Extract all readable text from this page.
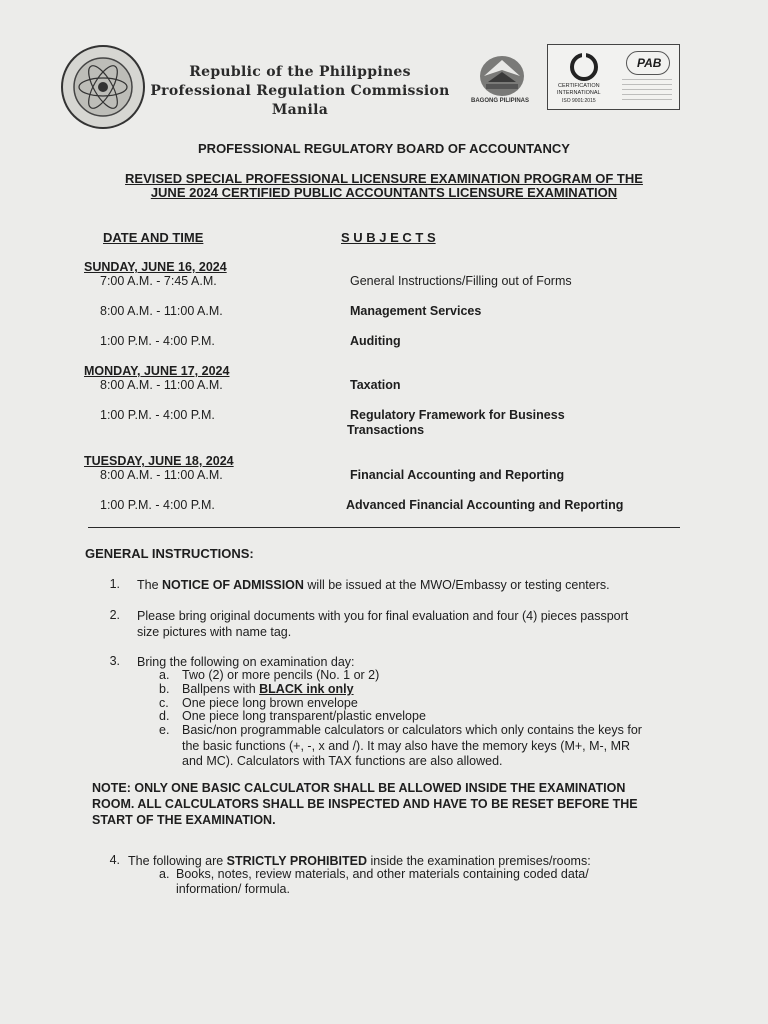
Republic of the Philippines
Professional Regulation Commission
Manila
BAGONG PILIPINAS
CERTIFICATION
INTERNATIONAL
ISO 9001:2015
PAB
PROFESSIONAL REGULATORY BOARD OF ACCOUNTANCY
REVISED SPECIAL PROFESSIONAL LICENSURE EXAMINATION PROGRAM OF THE
JUNE 2024 CERTIFIED PUBLIC ACCOUNTANTS LICENSURE EXAMINATION
DATE AND TIME	S U B J E C T S
SUNDAY, JUNE 16, 2024
7:00 A.M. - 7:45 A.M.	General Instructions/Filling out of Forms
8:00 A.M. - 11:00 A.M.	Management Services
1:00 P.M. - 4:00 P.M.	Auditing
MONDAY, JUNE 17, 2024
8:00 A.M. - 11:00 A.M.	Taxation
1:00 P.M. - 4:00 P.M.	Regulatory Framework for Business
Transactions
TUESDAY, JUNE 18, 2024
8:00 A.M. - 11:00 A.M.	Financial Accounting and Reporting
1:00 P.M. - 4:00 P.M.	Advanced Financial Accounting and Reporting
GENERAL INSTRUCTIONS:
1. The NOTICE OF ADMISSION will be issued at the MWO/Embassy or testing centers.
2. Please bring original documents with you for final evaluation and four (4) pieces passport
size pictures with name tag.
3. Bring the following on examination day:
a. Two (2) or more pencils (No. 1 or 2)
b. Ballpens with BLACK ink only
c. One piece long brown envelope
d. One piece long transparent/plastic envelope
e. Basic/non programmable calculators or calculators which only contains the keys for
the basic functions (+, -, x and /). It may also have the memory keys (M+, M-, MR
and MC). Calculators with TAX functions are also allowed.
NOTE: ONLY ONE BASIC CALCULATOR SHALL BE ALLOWED INSIDE THE EXAMINATION
ROOM. ALL CALCULATORS SHALL BE INSPECTED AND HAVE TO BE RESET BEFORE THE
START OF THE EXAMINATION.
4. The following are STRICTLY PROHIBITED inside the examination premises/rooms:
a. Books, notes, review materials, and other materials containing coded data/
information/ formula.
